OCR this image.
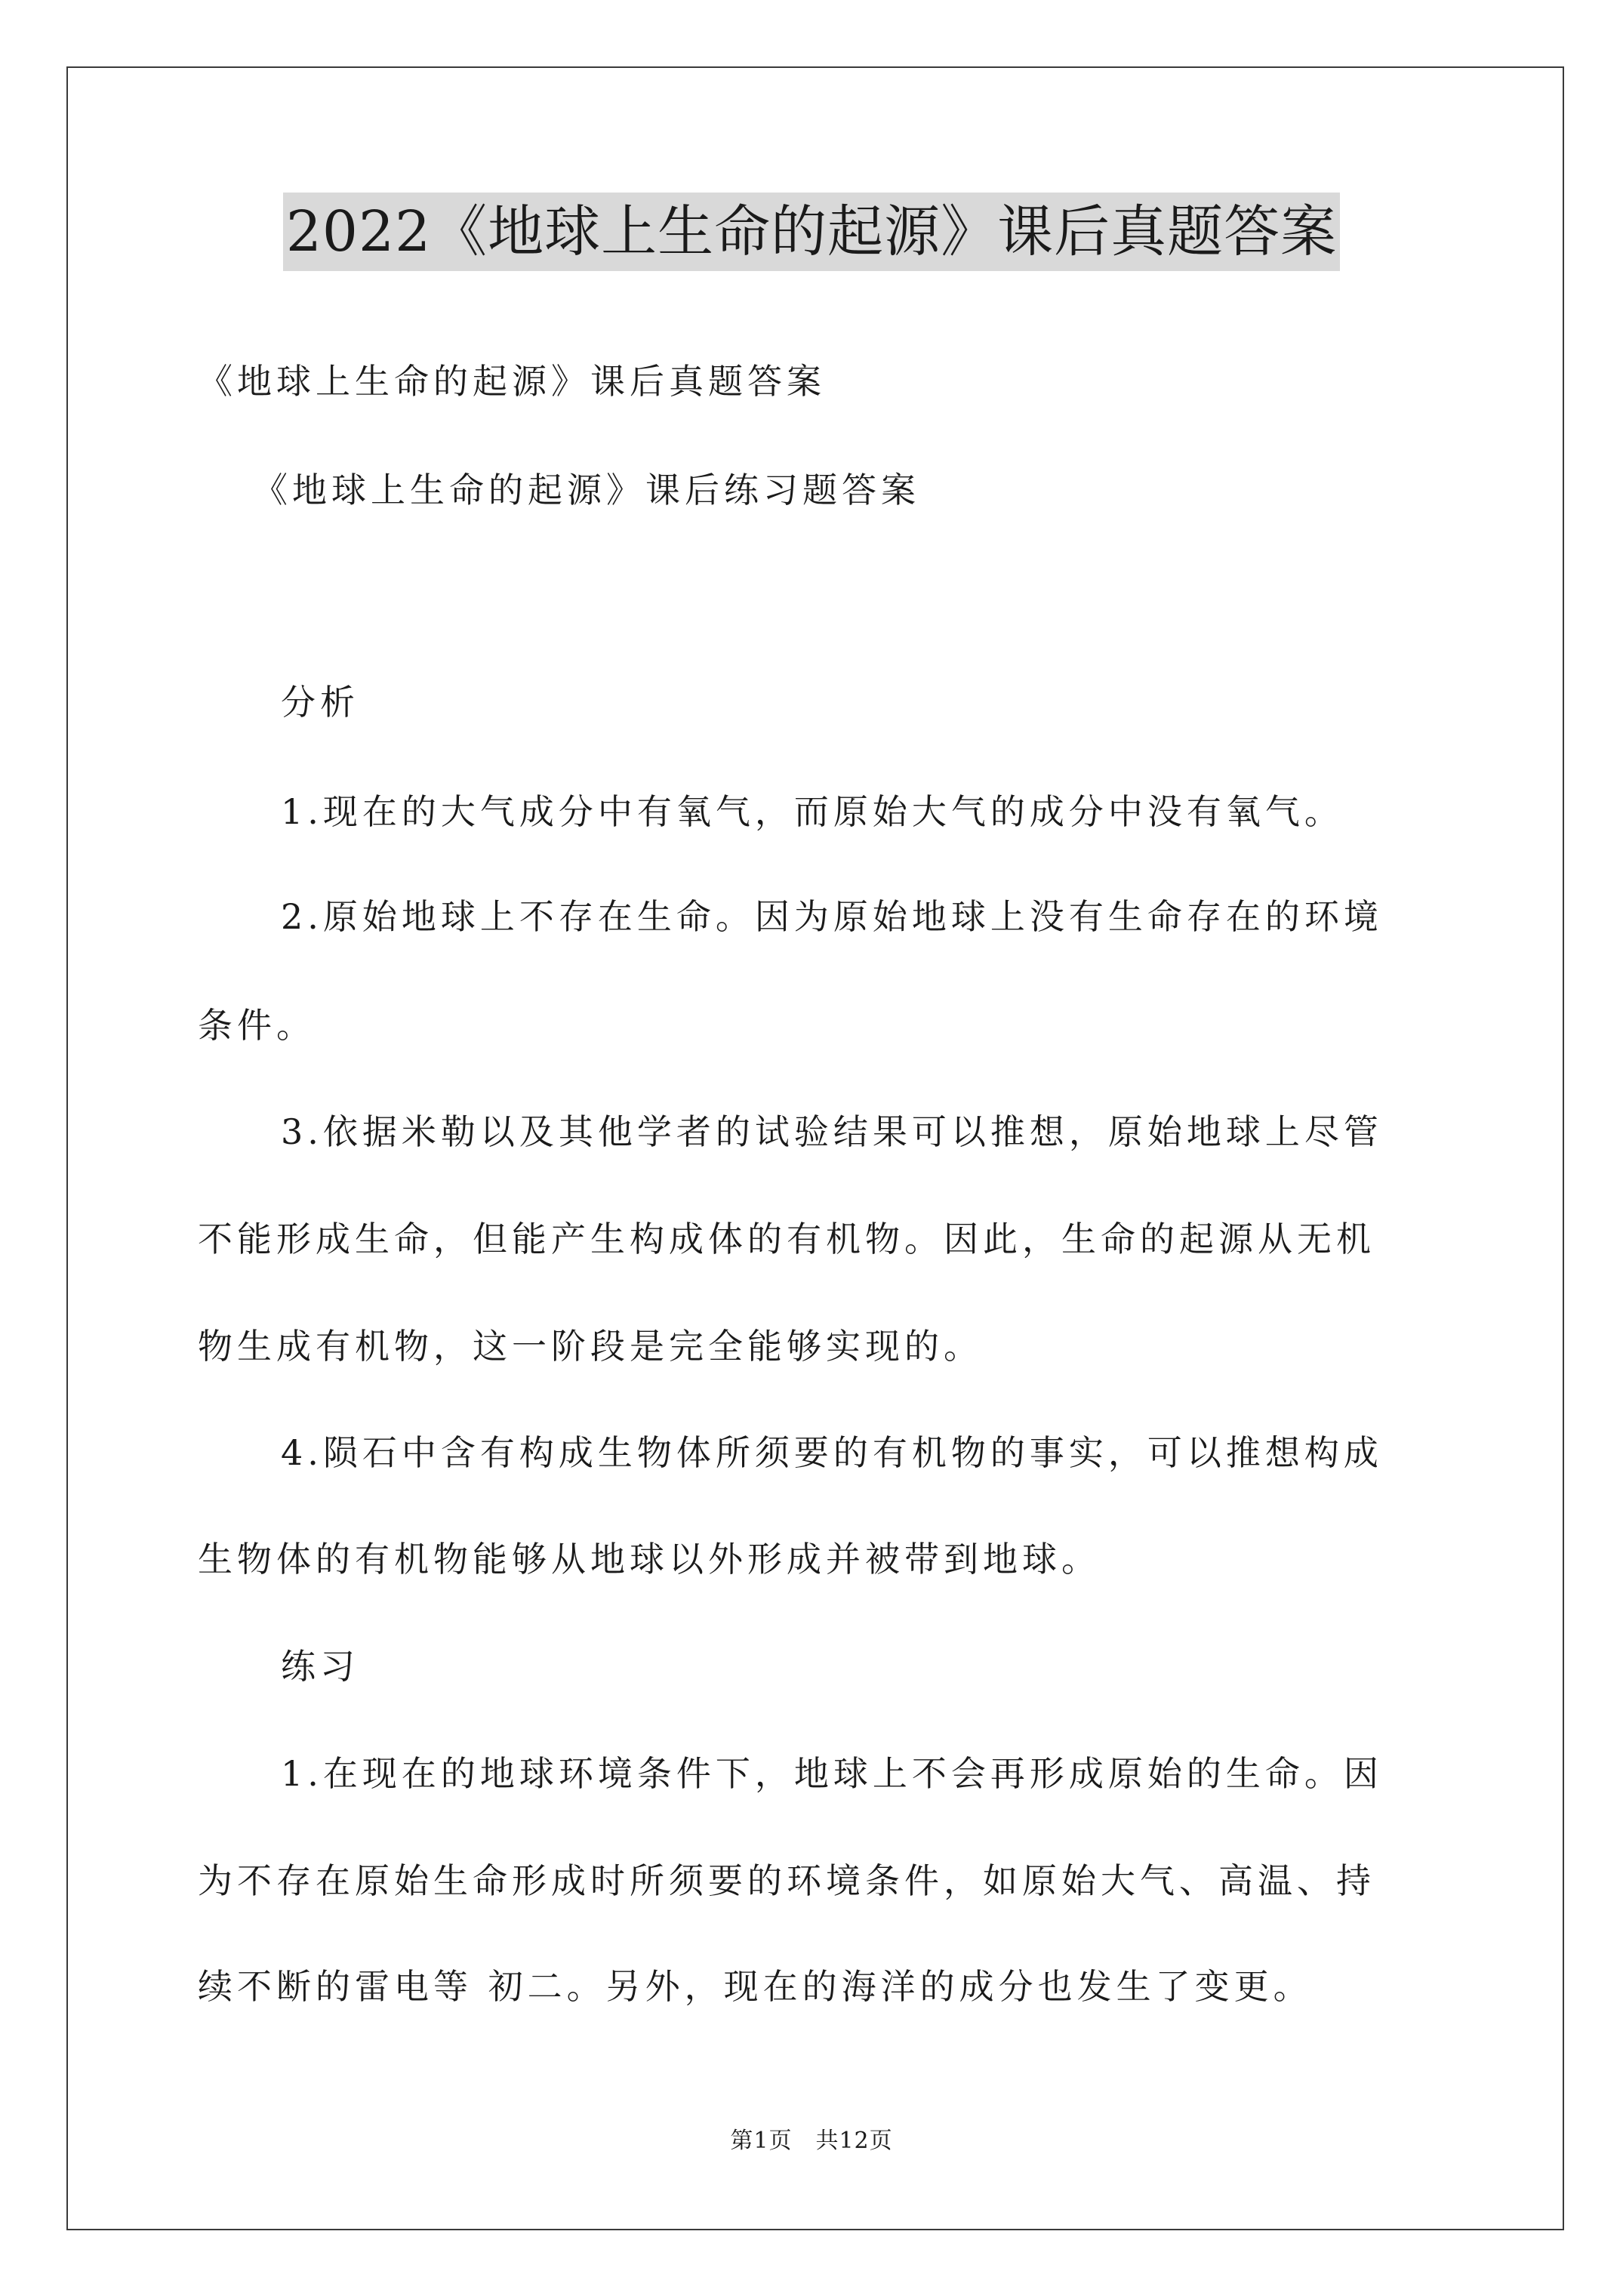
2022《地球上生命的起源》课后真题答案
《地球上生命的起源》课后真题答案
《地球上生命的起源》课后练习题答案
分析
1.现在的大气成分中有氧气，而原始大气的成分中没有氧气。
2.原始地球上不存在生命。因为原始地球上没有生命存在的环境
条件。
3.依据米勒以及其他学者的试验结果可以推想，原始地球上尽管
不能形成生命，但能产生构成体的有机物。因此，生命的起源从无机
物生成有机物，这一阶段是完全能够实现的。
4.陨石中含有构成生物体所须要的有机物的事实，可以推想构成
生物体的有机物能够从地球以外形成并被带到地球。
练习
1.在现在的地球环境条件下，地球上不会再形成原始的生命。因
为不存在原始生命形成时所须要的环境条件，如原始大气、高温、持
续不断的雷电等 初二。另外，现在的海洋的成分也发生了变更。
第1页　共12页
